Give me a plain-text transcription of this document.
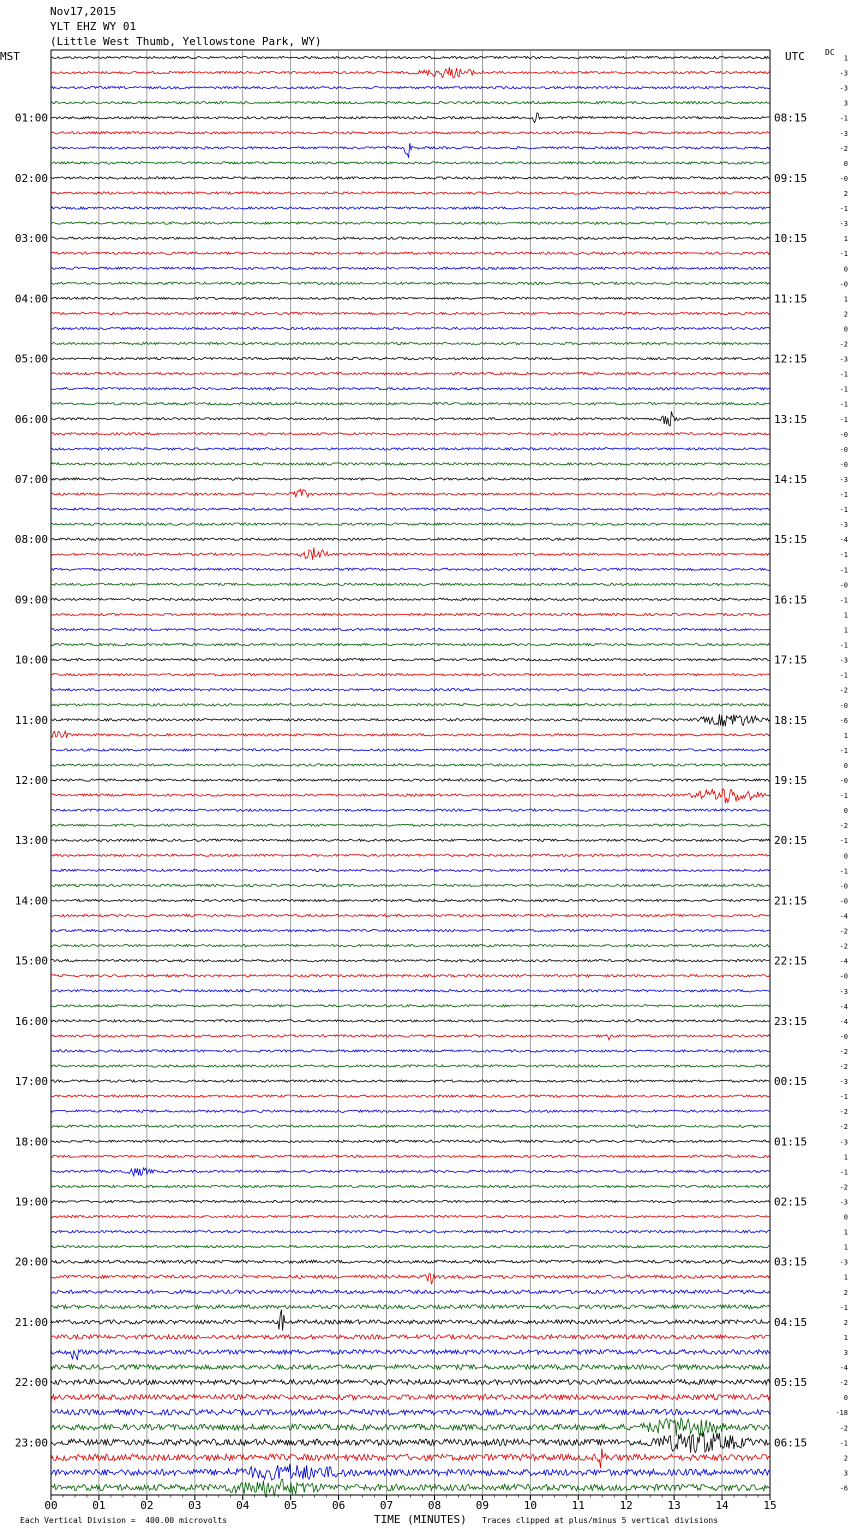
Nov17,2015
YLT EHZ WY 01
(Little West Thumb, Yellowstone Park, WY)
MST	UTC	DC
1
-3
-3
3
-1
-3
-2
0
-0
2
-1
-3
1
-1
0
-0
1
2
0
-2
-3
-1
-1
-1
-1
-0
-0
-0
-3
-1
-1
-3
-4
-1
-1
-0
-1
1
1
-1
-3
-1
-2
-0
-6
1
-1
0
-0
-1
0
-2
-1
0
-1
-0
-0
-4
-2
-2
-4
-0
-3
-4
-4
-0
-2
-2
-3
-1
-2
-2
-3
1
-1
-2
-3
0
1
1
-3
1
2
-1
2
1
3
-4
-2
0
-18
-2
-1
2
3
-6
01:00	08:15
02:00	09:15
03:00	10:15
04:00	11:15
05:00	12:15
06:00	13:15
07:00	14:15
08:00	15:15
09:00	16:15
10:00	17:15
11:00	18:15
12:00	19:15
13:00	20:15
14:00	21:15
15:00	22:15
16:00	23:15
17:00	00:15
18:00	01:15
19:00	02:15
20:00	03:15
21:00	04:15
22:00	05:15
23:00	06:15
00	01	02	03	04	05	06	07	08	09	10	11	12	13	14	15
TIME (MINUTES)
Each Vertical Division =  400.00 microvolts	Traces clipped at plus/minus 5 vertical divisions
